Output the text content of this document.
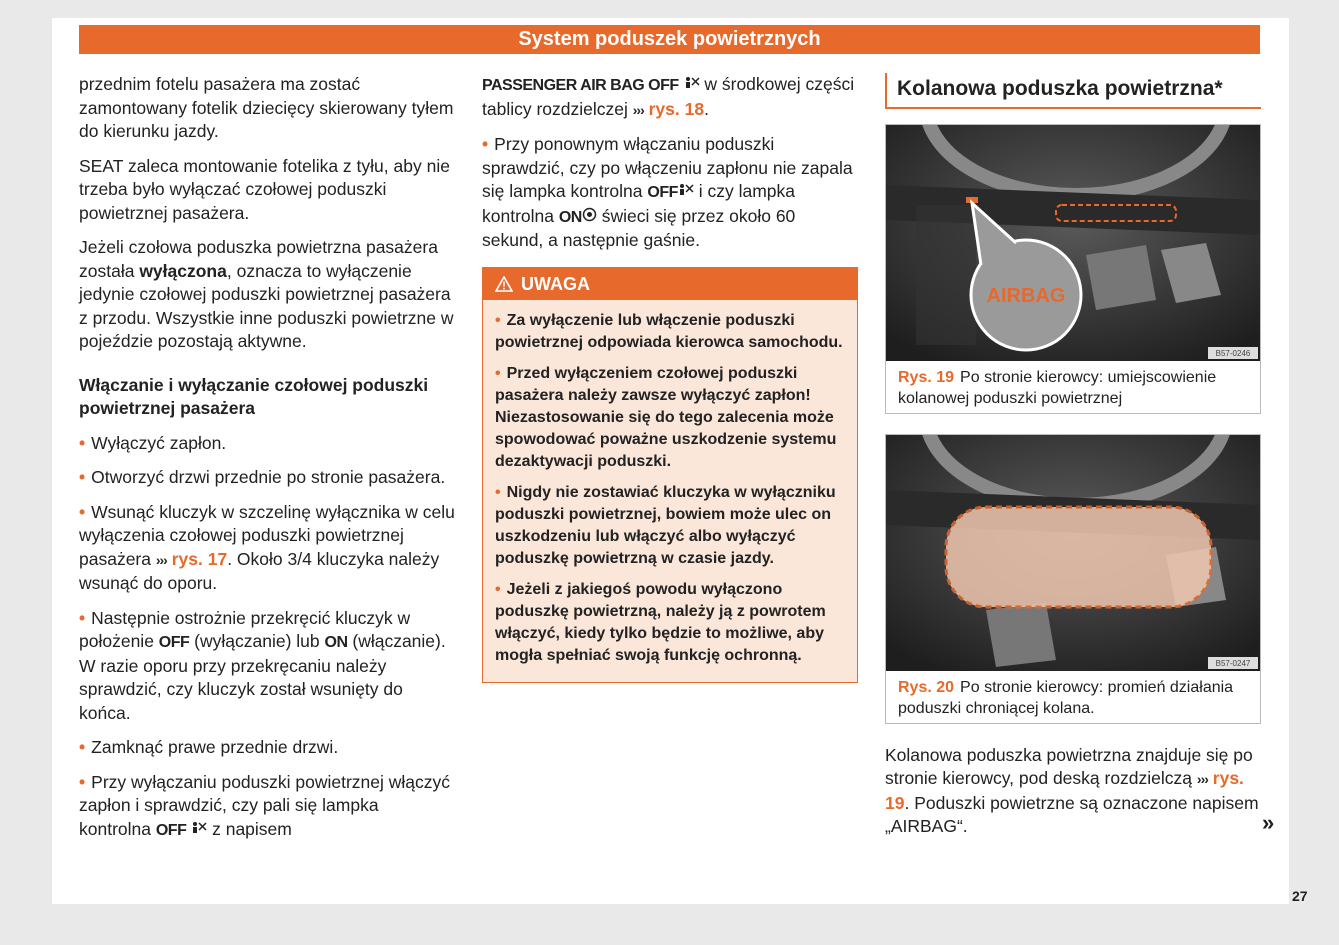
System poduszek powietrznych

przednim fotelu pasażera ma zostać zamontowany fotelik dziecięcy skierowany tyłem do kierunku jazdy.

SEAT zaleca montowanie fotelika z tyłu, aby nie trzeba było wyłączać czołowej poduszki powietrznej pasażera.

Jeżeli czołowa poduszka powietrzna pasażera została wyłączona, oznacza to wyłączenie jedynie czołowej poduszki powietrznej pasażera z przodu. Wszystkie inne poduszki powietrzne w pojeździe pozostają aktywne.

Włączanie i wyłączanie czołowej poduszki powietrznej pasażera

• Wyłączyć zapłon.

• Otworzyć drzwi przednie po stronie pasażera.

• Wsunąć kluczyk w szczelinę wyłącznika w celu wyłączenia czołowej poduszki powietrznej pasażera ››› rys. 17. Około 3/4 kluczyka należy wsunąć do oporu.

• Następnie ostrożnie przekręcić kluczyk w położenie OFF (wyłączanie) lub ON (włączanie). W razie oporu przy przekręcaniu należy sprawdzić, czy kluczyk został wsunięty do końca.

• Zamknąć prawe przednie drzwi.

• Przy wyłączaniu poduszki powietrznej włączyć zapłon i sprawdzić, czy pali się lampka kontrolna OFF  z napisem

PASSENGER AIR BAG OFF  w środkowej części tablicy rozdzielczej ››› rys. 18.

• Przy ponownym włączaniu poduszki sprawdzić, czy po włączeniu zapłonu nie zapala się lampka kontrolna OFF i czy lampka kontrolna ON świeci się przez około 60 sekund, a następnie gaśnie.

UWAGA

• Za wyłączenie lub włączenie poduszki powietrznej odpowiada kierowca samochodu.

• Przed wyłączeniem czołowej poduszki pasażera należy zawsze wyłączyć zapłon! Niezastosowanie się do tego zalecenia może spowodować poważne uszkodzenie systemu dezaktywacji poduszki.

• Nigdy nie zostawiać kluczyka w wyłączniku poduszki powietrznej, bowiem może ulec on uszkodzeniu lub włączyć albo wyłączyć poduszkę powietrzną w czasie jazdy.

• Jeżeli z jakiegoś powodu wyłączono poduszkę powietrzną, należy ją z powrotem włączyć, kiedy tylko będzie to możliwe, aby mogła spełniać swoją funkcję ochronną.

Kolanowa poduszka powietrzna*
AIRBAG
B57-0246
Rys. 19 Po stronie kierowcy: umiejscowienie kolanowej poduszki powietrznej
B57-0247
Rys. 20 Po stronie kierowcy: promień działania poduszki chroniącej kolana.

Kolanowa poduszka powietrzna znajduje się po stronie kierowcy, pod deską rozdzielczą ››› rys. 19. Poduszki powietrzne są oznaczone napisem „AIRBAG“.	»
27
